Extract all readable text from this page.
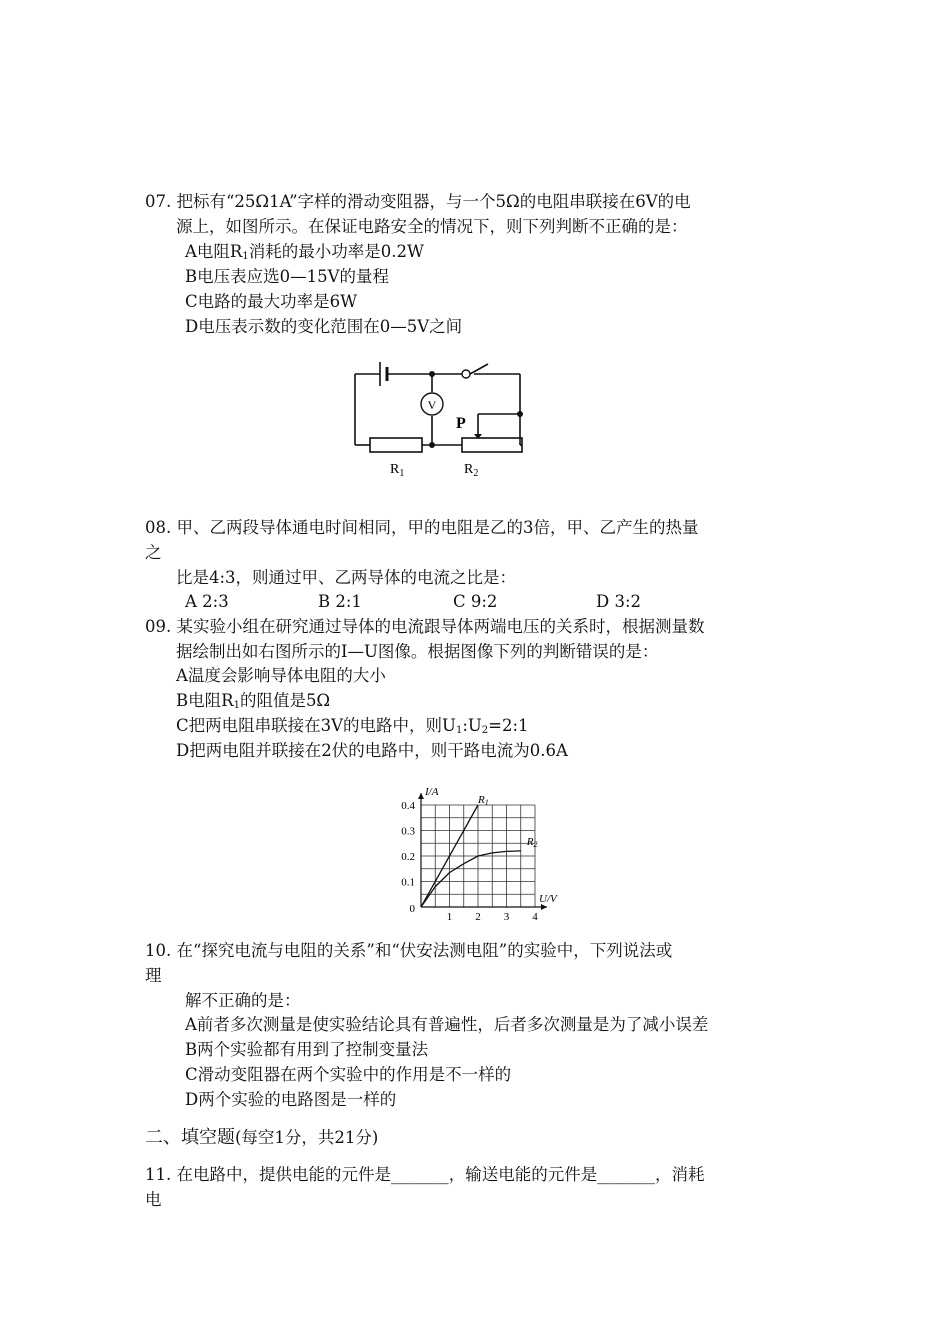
07. 把标有“25Ω1A”字样的滑动变阻器，与一个5Ω的电阻串联接在6V的电
源上，如图所示。在保证电路安全的情况下，则下列判断不正确的是：
A电阻$R_1$消耗的最小功率是0.2W
B电压表应选0—15V的量程
C电路的最大功率是6W
D电压表示数的变化范围在0—5V之间
V
P
$R_1$	$R_2$
08. 甲、乙两段导体通电时间相同，甲的电阻是乙的3倍，甲、乙产生的热量
之
比是4:3，则通过甲、乙两导体的电流之比是：
A 2:3	B 2:1	C 9:2	D 3:2
09. 某实验小组在研究通过导体的电流跟导体两端电压的关系时，根据测量数
据绘制出如右图所示的I—U图像。根据图像下列的判断错误的是：
A温度会影响导体电阻的大小
B电阻$R_1$的阻值是5Ω
C把两电阻串联接在3V的电路中，则$U_1:U_2=2:1$
D把两电阻并联接在2伏的电路中，则干路电流为0.6A
1 2 3 4
0.1
0.2
0.3
0.4
0
U/V
I/A
R1
R2
10. 在“探究电流与电阻的关系”和“伏安法测电阻”的实验中，下列说法或
理
解不正确的是：
A前者多次测量是使实验结论具有普遍性，后者多次测量是为了减小误差
B两个实验都有用到了控制变量法
C滑动变阻器在两个实验中的作用是不一样的
D两个实验的电路图是一样的
二、填空题(每空1分，共21分)
11. 在电路中，提供电能的元件是_______，输送电能的元件是_______，消耗
电
